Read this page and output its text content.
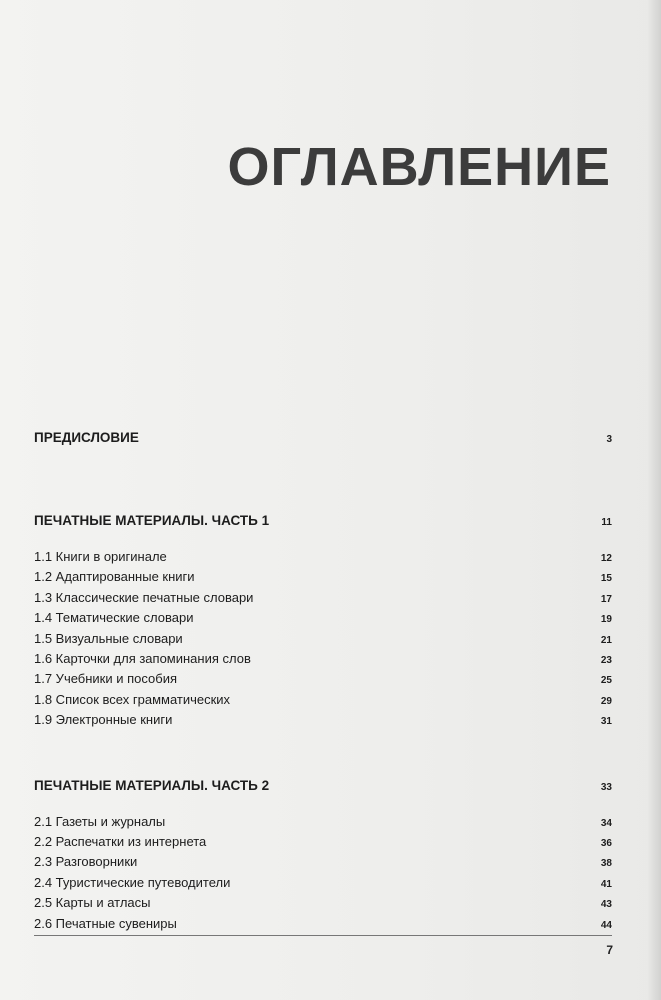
ОГЛАВЛЕНИЕ
ПРЕДИСЛОВИЕ	3
ПЕЧАТНЫЕ МАТЕРИАЛЫ. ЧАСТЬ 1	11
1.1 Книги в оригинале	12
1.2 Адаптированные книги	15
1.3 Классические печатные словари	17
1.4 Тематические словари	19
1.5 Визуальные словари	21
1.6 Карточки для запоминания слов	23
1.7 Учебники и пособия	25
1.8 Список всех грамматических	29
1.9 Электронные книги	31
ПЕЧАТНЫЕ МАТЕРИАЛЫ. ЧАСТЬ 2	33
2.1 Газеты и журналы	34
2.2 Распечатки из интернета	36
2.3 Разговорники	38
2.4 Туристические путеводители	41
2.5 Карты и атласы	43
2.6 Печатные сувениры	44
7
